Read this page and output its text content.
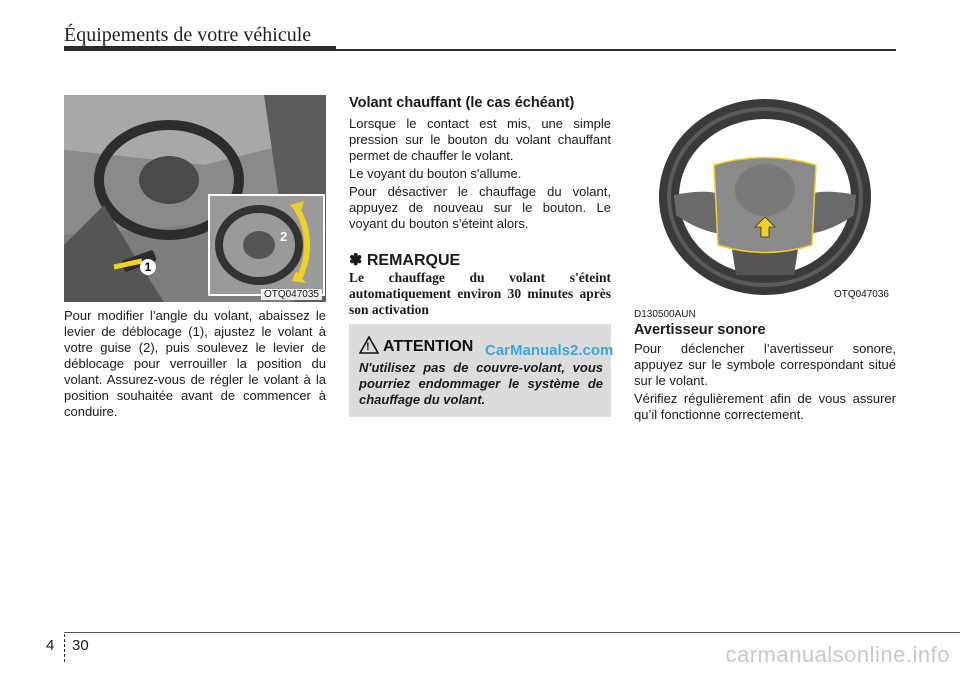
Équipements de votre véhicule
1
2
OTQ047035

Pour modifier l’angle du volant, abaissez le levier de déblocage (1), ajustez le volant à votre guise (2), puis soulevez le levier de déblocage pour verrouiller la position du volant. Assurez-vous de régler le volant à la position souhaitée avant de commencer à conduire.

Volant chauffant (le cas échéant)

Lorsque le contact est mis, une simple pression sur le bouton du volant chauffant permet de chauffer le volant.

Le voyant du bouton s'allume.

Pour désactiver le chauffage du volant, appuyez de nouveau sur le bouton. Le voyant du bouton s'éteint alors.

✽ REMARQUE
Le chauffage du volant s'éteint automatiquement environ 30 minutes après son activation
! ATTENTION CarManuals2.com
N'utilisez pas de couvre-volant, vous pourriez endommager le système de chauffage du volant.
OTQ047036
D130500AUN
Avertisseur sonore

Pour déclencher l’avertisseur sonore, appuyez sur le symbole correspondant situé sur le volant.

Vérifiez régulièrement afin de vous assurer qu’il fonctionne correctement.

4 30	carmanualsonline.info
